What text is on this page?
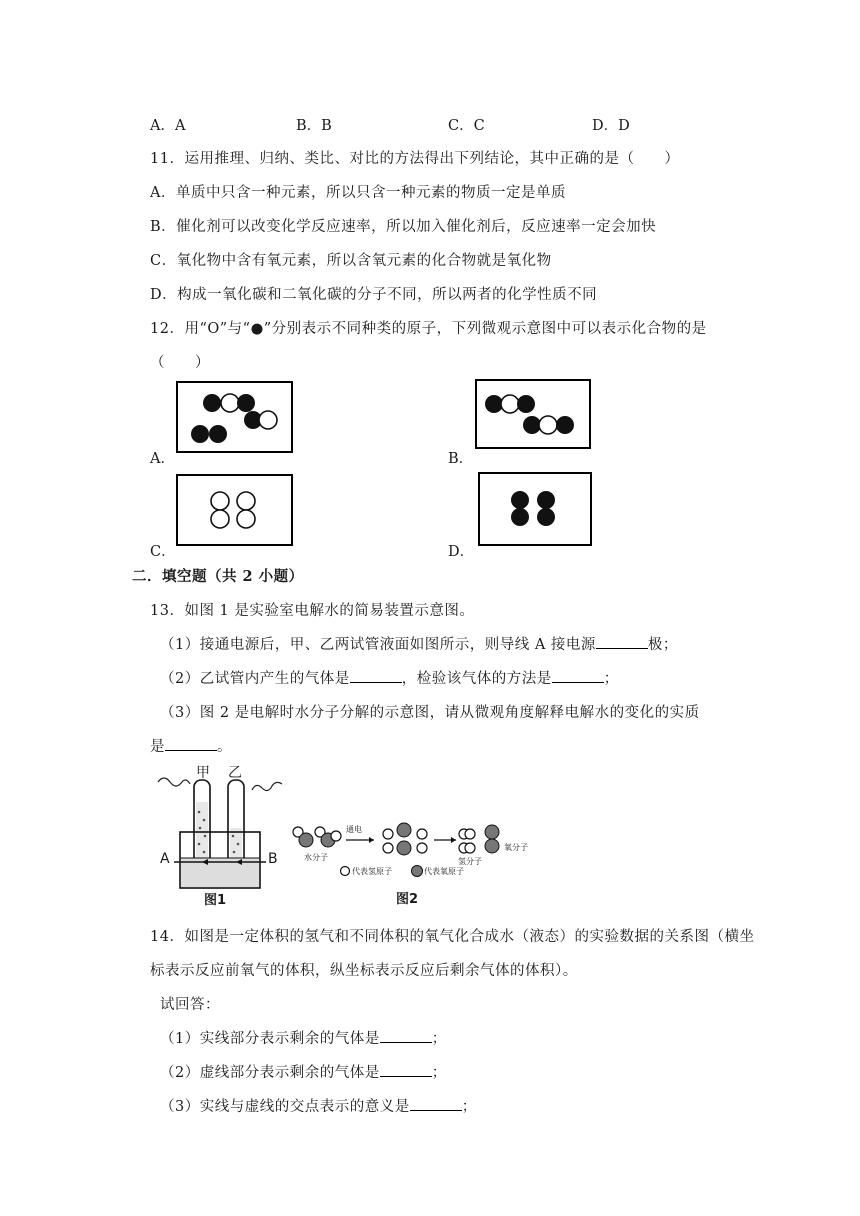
A．A	B．B	C．C	D．D
11．运用推理、归纳、类比、对比的方法得出下列结论，其中正确的是（　　）
A．单质中只含一种元素，所以只含一种元素的物质一定是单质
B．催化剂可以改变化学反应速率，所以加入催化剂后，反应速率一定会加快
C．氧化物中含有氧元素，所以含氧元素的化合物就是氧化物
D．构成一氧化碳和二氧化碳的分子不同，所以两者的化学性质不同
12．用“O”与“●”分别表示不同种类的原子，下列微观示意图中可以表示化合物的是
（　　）
A．	B．
C．	D．
二．填空题（共 2 小题）
13．如图 1 是实验室电解水的简易装置示意图。
（1）接通电源后，甲、乙两试管液面如图所示，则导线 A 接电源	极；
（2）乙试管内产生的气体是	，检验该气体的方法是	；
（3）图 2 是电解时水分子分解的示意图，请从微观角度解释电解水的变化的实质
是	。
甲 乙
A	B
图1
通电
水分子	氢分子
氧分子
代表氢原子	代表氧原子
图2
14．如图是一定体积的氢气和不同体积的氧气化合成水（液态）的实验数据的关系图（横坐
标表示反应前氧气的体积，纵坐标表示反应后剩余气体的体积）。
试回答：
（1）实线部分表示剩余的气体是	；
（2）虚线部分表示剩余的气体是	；
（3）实线与虚线的交点表示的意义是	；
